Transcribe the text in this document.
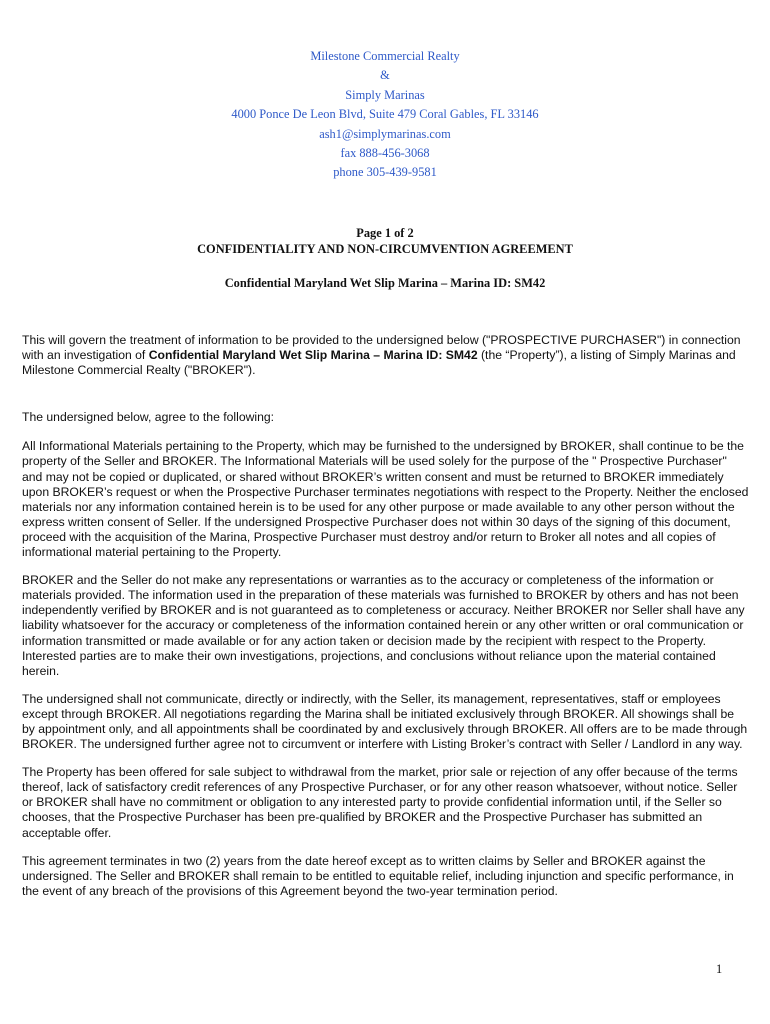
Milestone Commercial Realty
&
Simply Marinas
4000 Ponce De Leon Blvd, Suite 479 Coral Gables, FL 33146
ash1@simplymarinas.com
fax 888-456-3068
phone 305-439-9581
Page 1 of 2
CONFIDENTIALITY AND NON-CIRCUMVENTION AGREEMENT
Confidential Maryland Wet Slip Marina – Marina ID: SM42

This will govern the treatment of information to be provided to the undersigned below ("PROSPECTIVE PURCHASER") in connection with an investigation of Confidential Maryland Wet Slip Marina – Marina ID: SM42 (the “Property”), a listing of Simply Marinas and Milestone Commercial Realty ("BROKER").

The undersigned below, agree to the following:

All Informational Materials pertaining to the Property, which may be furnished to the undersigned by BROKER, shall continue to be the property of the Seller and BROKER. The Informational Materials will be used solely for the purpose of the " Prospective Purchaser" and may not be copied or duplicated, or shared without BROKER’s written consent and must be returned to BROKER immediately upon BROKER’s request or when the Prospective Purchaser terminates negotiations with respect to the Property. Neither the enclosed materials nor any information contained herein is to be used for any other purpose or made available to any other person without the express written consent of Seller. If the undersigned Prospective Purchaser does not within 30 days of the signing of this document, proceed with the acquisition of the Marina, Prospective Purchaser must destroy and/or return to Broker all notes and all copies of informational material pertaining to the Property.

BROKER and the Seller do not make any representations or warranties as to the accuracy or completeness of the information or materials provided. The information used in the preparation of these materials was furnished to BROKER by others and has not been independently verified by BROKER and is not guaranteed as to completeness or accuracy. Neither BROKER nor Seller shall have any liability whatsoever for the accuracy or completeness of the information contained herein or any other written or oral communication or information transmitted or made available or for any action taken or decision made by the recipient with respect to the Property. Interested parties are to make their own investigations, projections, and conclusions without reliance upon the material contained herein.

The undersigned shall not communicate, directly or indirectly, with the Seller, its management, representatives, staff or employees except through BROKER. All negotiations regarding the Marina shall be initiated exclusively through BROKER. All showings shall be by appointment only, and all appointments shall be coordinated by and exclusively through BROKER. All offers are to be made through BROKER. The undersigned further agree not to circumvent or interfere with Listing Broker’s contract with Seller / Landlord in any way.

The Property has been offered for sale subject to withdrawal from the market, prior sale or rejection of any offer because of the terms thereof, lack of satisfactory credit references of any Prospective Purchaser, or for any other reason whatsoever, without notice. Seller or BROKER shall have no commitment or obligation to any interested party to provide confidential information until, if the Seller so chooses, that the Prospective Purchaser has been pre-qualified by BROKER and the Prospective Purchaser has submitted an acceptable offer.

This agreement terminates in two (2) years from the date hereof except as to written claims by Seller and BROKER against the undersigned. The Seller and BROKER shall remain to be entitled to equitable relief, including injunction and specific performance, in the event of any breach of the provisions of this Agreement beyond the two-year termination period.

1
